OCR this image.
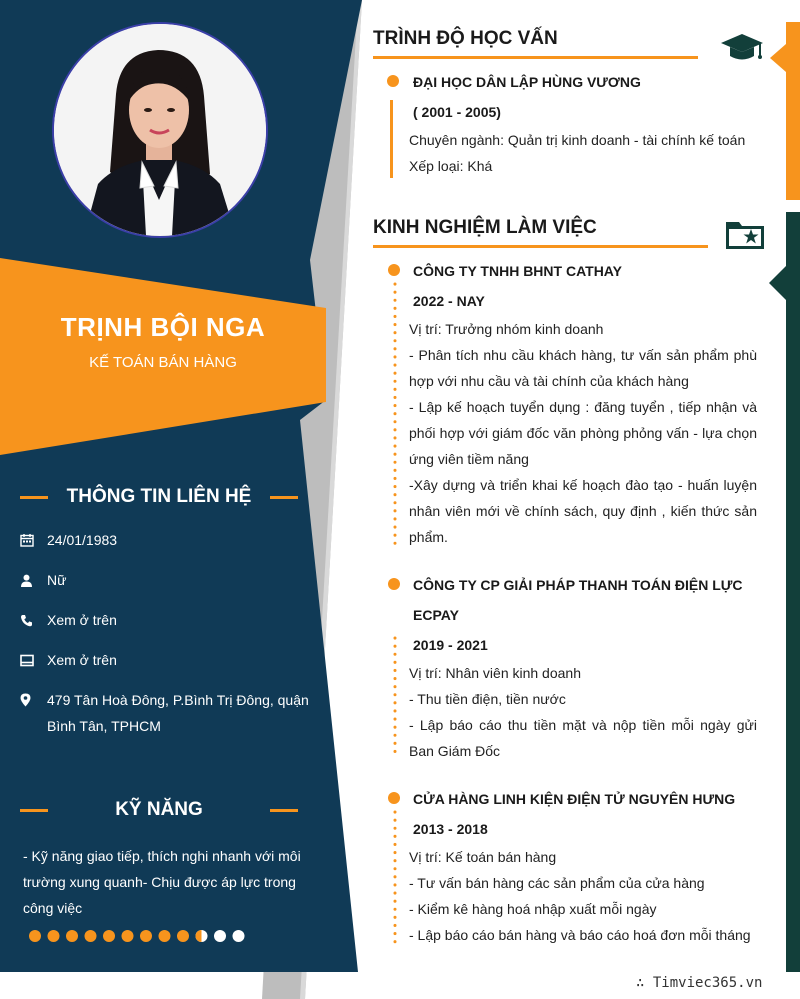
TRỊNH BỘI NGA
KẾ TOÁN BÁN HÀNG
THÔNG TIN LIÊN HỆ
24/01/1983
Nữ
Xem ở trên
Xem ở trên
479 Tân Hoà Đông, P.Bình Trị Đông, quận
Bình Tân, TPHCM
KỸ NĂNG
- Kỹ năng giao tiếp, thích nghi nhanh với môi
trường xung quanh- Chịu được áp lực trong
công việc
TRÌNH ĐỘ HỌC VẤN
ĐẠI HỌC DÂN LẬP HÙNG VƯƠNG
( 2001 - 2005)
Chuyên ngành: Quản trị kinh doanh - tài chính kế toán
Xếp loại: Khá
KINH NGHIỆM LÀM VIỆC
CÔNG TY TNHH BHNT CATHAY
2022 - NAY
Vị trí: Trưởng nhóm kinh doanh
- Phân tích nhu cầu khách hàng, tư vấn sản phẩm phù hợp với nhu cầu và tài chính của khách hàng
- Lập kế hoạch tuyển dụng : đăng tuyển , tiếp nhận và phối hợp với giám đốc văn phòng phỏng vấn - lựa chọn ứng viên tiềm năng
-Xây dựng và triển khai kế hoạch đào tạo - huấn luyện nhân viên mới về chính sách, quy định , kiến thức sản phẩm.
CÔNG TY CP GIẢI PHÁP THANH TOÁN ĐIỆN LỰC
ECPAY
2019 - 2021
Vị trí: Nhân viên kinh doanh
- Thu tiền điện, tiền nước
- Lập báo cáo thu tiền mặt và nộp tiền mỗi ngày gửi Ban Giám Đốc
CỬA HÀNG LINH KIỆN ĐIỆN TỬ NGUYÊN HƯNG
2013 - 2018
Vị trí: Kế toán bán hàng
- Tư vấn bán hàng các sản phẩm của cửa hàng
- Kiểm kê hàng hoá nhập xuất mỗi ngày
- Lập báo cáo bán hàng và báo cáo hoá đơn mỗi tháng
∴ Timviec365.vn
